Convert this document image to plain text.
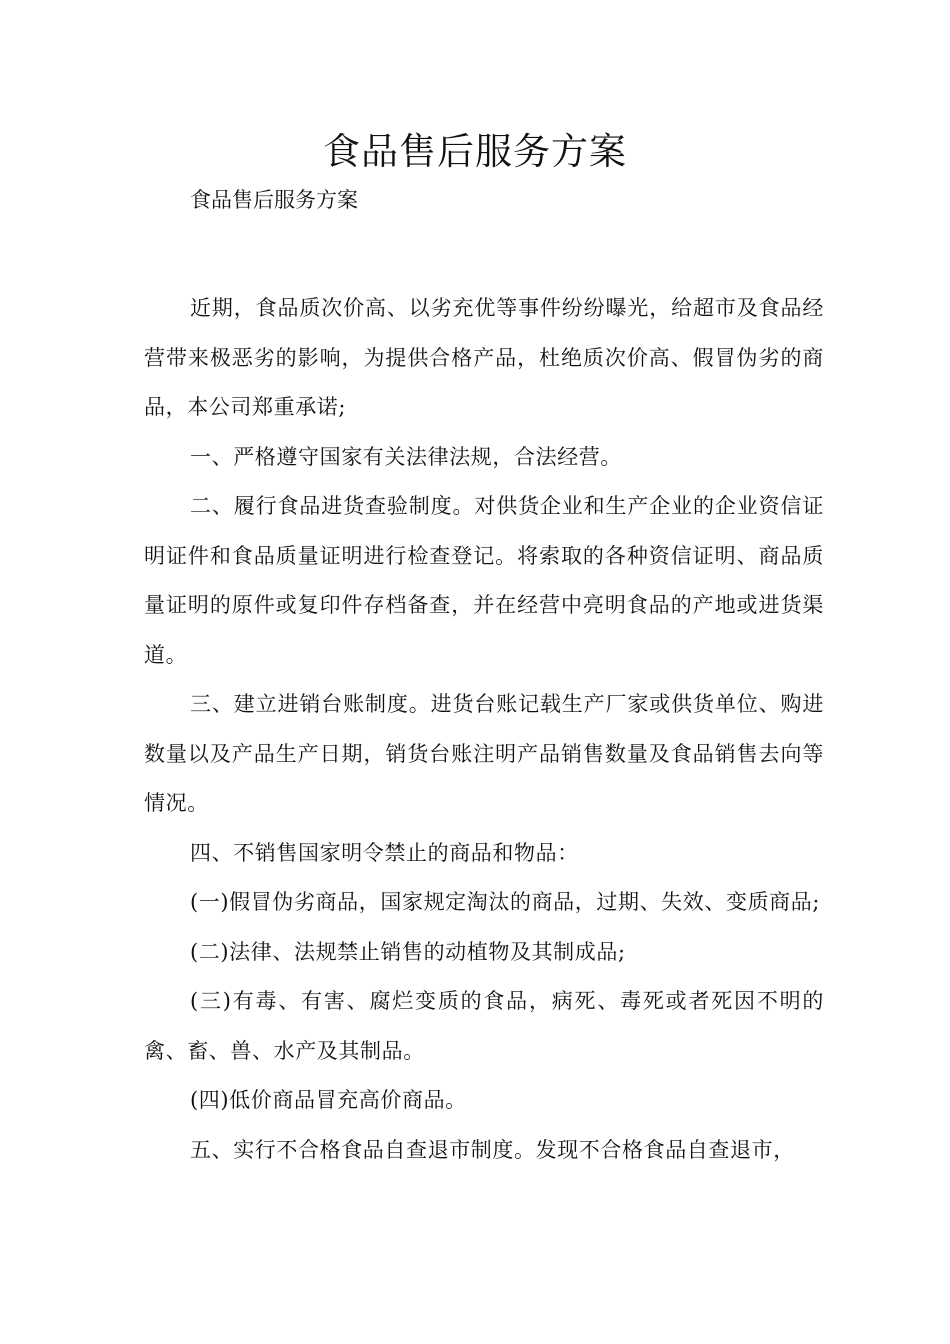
食品售后服务方案

食品售后服务方案

近期，食品质次价高、以劣充优等事件纷纷曝光，给超市及食品经营带来极恶劣的影响，为提供合格产品，杜绝质次价高、假冒伪劣的商品，本公司郑重承诺;

一、严格遵守国家有关法律法规，合法经营。

二、履行食品进货查验制度。对供货企业和生产企业的企业资信证明证件和食品质量证明进行检查登记。将索取的各种资信证明、商品质量证明的原件或复印件存档备查，并在经营中亮明食品的产地或进货渠道。

三、建立进销台账制度。进货台账记载生产厂家或供货单位、购进数量以及产品生产日期，销货台账注明产品销售数量及食品销售去向等情况。

四、不销售国家明令禁止的商品和物品：

(一)假冒伪劣商品，国家规定淘汰的商品，过期、失效、变质商品;

(二)法律、法规禁止销售的动植物及其制成品;

(三)有毒、有害、腐烂变质的食品，病死、毒死或者死因不明的禽、畜、兽、水产及其制品。

(四)低价商品冒充高价商品。

五、实行不合格食品自查退市制度。发现不合格食品自查退市，
